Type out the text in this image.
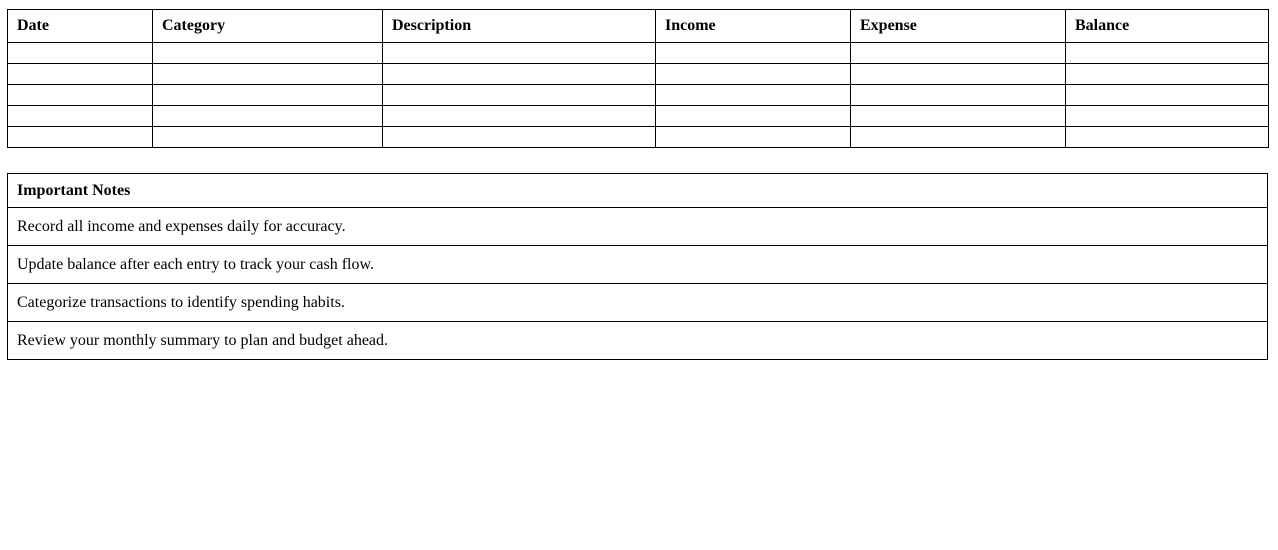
Date	Category	Description	Income	Expense	Balance

Important Notes
Record all income and expenses daily for accuracy.
Update balance after each entry to track your cash flow.
Categorize transactions to identify spending habits.
Review your monthly summary to plan and budget ahead.
